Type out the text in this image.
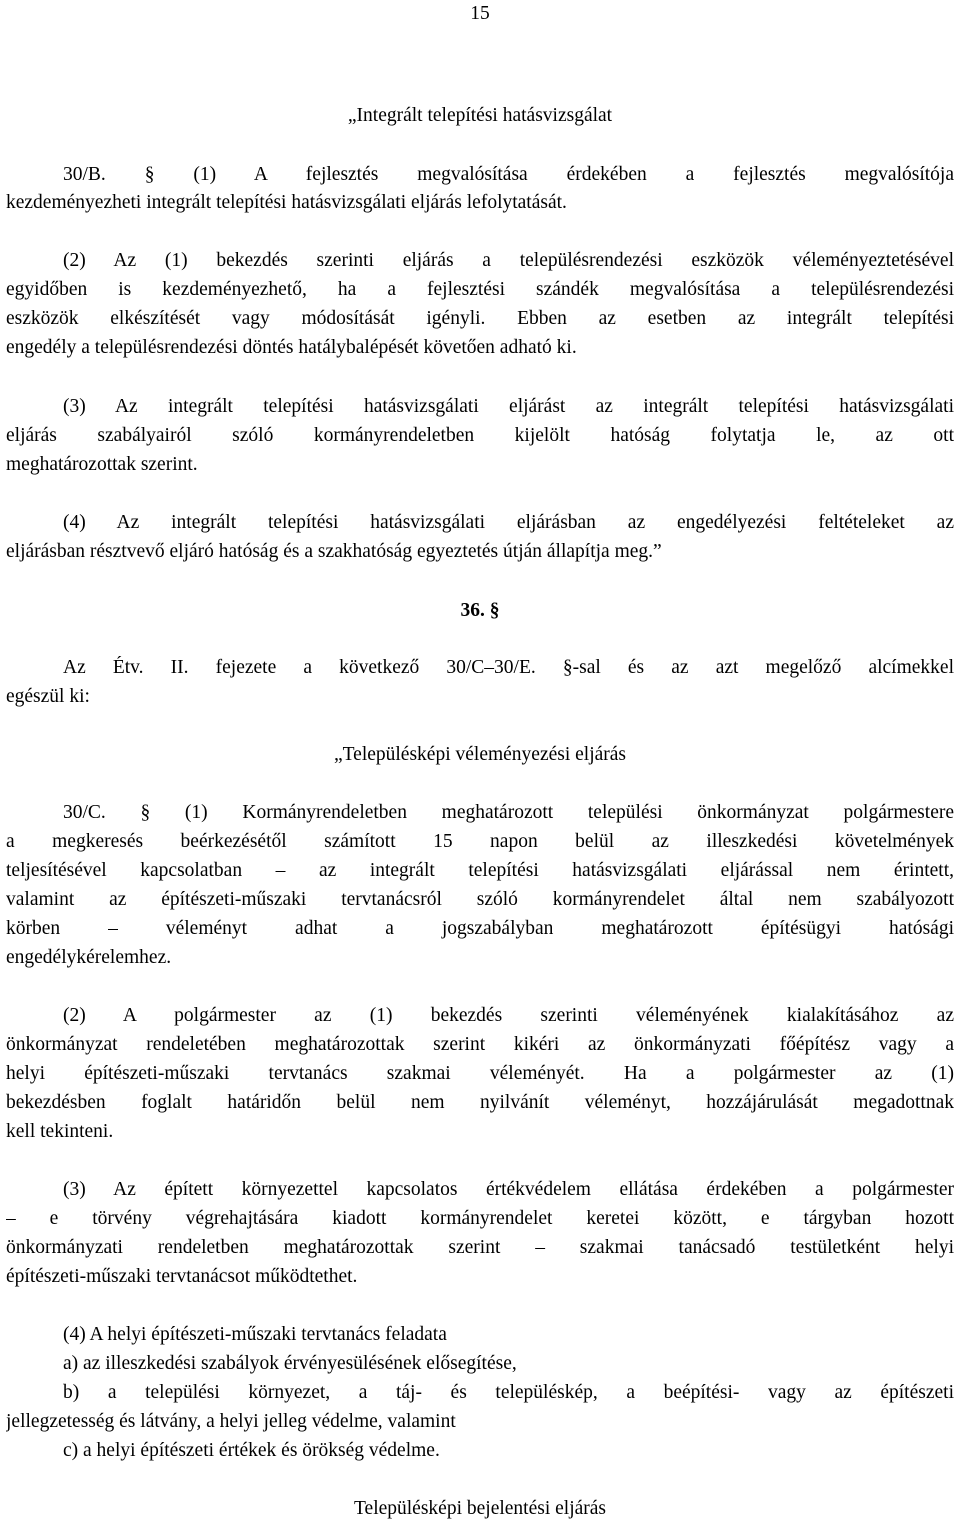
15
„Integrált telepítési hatásvizsgálat
30/B. § (1) A fejlesztés megvalósítása érdekében a fejlesztés megvalósítója
kezdeményezheti integrált telepítési hatásvizsgálati eljárás lefolytatását.
(2) Az (1) bekezdés szerinti eljárás a településrendezési eszközök véleményeztetésével
egyidőben is kezdeményezhető, ha a fejlesztési szándék megvalósítása a településrendezési
eszközök elkészítését vagy módosítását igényli. Ebben az esetben az integrált telepítési
engedély a településrendezési döntés hatálybalépését követően adható ki.
(3) Az integrált telepítési hatásvizsgálati eljárást az integrált telepítési hatásvizsgálati
eljárás szabályairól szóló kormányrendeletben kijelölt hatóság folytatja le, az ott
meghatározottak szerint.
(4) Az integrált telepítési hatásvizsgálati eljárásban az engedélyezési feltételeket az
eljárásban résztvevő eljáró hatóság és a szakhatóság egyeztetés útján állapítja meg.”
36. §
Az Étv. II. fejezete a következő 30/C–30/E. §-sal és az azt megelőző alcímekkel
egészül ki:
„Településképi véleményezési eljárás
30/C. § (1) Kormányrendeletben meghatározott települési önkormányzat polgármestere
a megkeresés beérkezésétől számított 15 napon belül az illeszkedési követelmények
teljesítésével kapcsolatban – az integrált telepítési hatásvizsgálati eljárással nem érintett,
valamint az építészeti-műszaki tervtanácsról szóló kormányrendelet által nem szabályozott
körben – véleményt adhat a jogszabályban meghatározott építésügyi hatósági
engedélykérelemhez.
(2) A polgármester az (1) bekezdés szerinti véleményének kialakításához az
önkormányzat rendeletében meghatározottak szerint kikéri az önkormányzati főépítész vagy a
helyi építészeti-műszaki tervtanács szakmai véleményét. Ha a polgármester az (1)
bekezdésben foglalt határidőn belül nem nyilvánít véleményt, hozzájárulását megadottnak
kell tekinteni.
(3) Az épített környezettel kapcsolatos értékvédelem ellátása érdekében a polgármester
– e törvény végrehajtására kiadott kormányrendelet keretei között, e tárgyban hozott
önkormányzati rendeletben meghatározottak szerint – szakmai tanácsadó testületként helyi
építészeti-műszaki tervtanácsot működtethet.
(4) A helyi építészeti-műszaki tervtanács feladata
a) az illeszkedési szabályok érvényesülésének elősegítése,
b) a települési környezet, a táj- és településkép, a beépítési- vagy az építészeti
jellegzetesség és látvány, a helyi jelleg védelme, valamint
c) a helyi építészeti értékek és örökség védelme.
Településképi bejelentési eljárás
